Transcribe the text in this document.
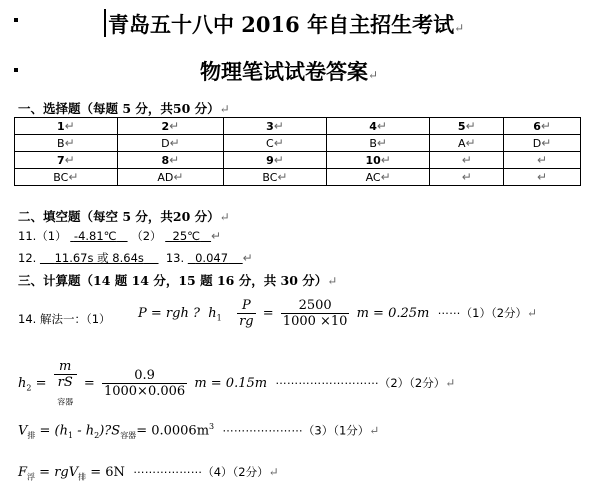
青岛五十八中 2016 年自主招生考试↵
物理笔试试卷答案↵
一、选择题（每题 5 分，共50 分）↵
1↵	2↵	3↵	4↵	5↵	6↵
B↵	D↵	C↵	B↵	A↵	D↵
7↵	8↵	9↵	10↵	↵	↵
BC↵	AD↵	BC↵	AC↵	↵	↵
二、填空题（每空 5 分，共20 分）↵
11.（1） -4.81℃ （2） 25℃ ↵
12. 11.67s 或 8.64s 13. 0.047 ↵
三、计算题（14 题 14 分，15 题 16 分，共 30 分）↵
14. 解法一：（1） P = rgh ? $h_1 \frac{P}{rg} = \frac{2500}{1000 \times 10}$ m = 0.25m ⋯⋯（1）（2分）↵
$h_2 = m$
rS
$_{容器} = \frac{0.9}{1000\times 0.006}$ m = 0.15m ⋯⋯⋯⋯⋯⋯⋯⋯⋯（2）（2分）↵
$V_排 = (h_1$ - $h_2)?S_{容器}= 0.0006m^3$ ⋯⋯⋯⋯⋯⋯⋯（3）（1分）↵
$F_浮 = rgV_排 = 6N$ ⋯⋯⋯⋯⋯⋯（4）（2分）↵
